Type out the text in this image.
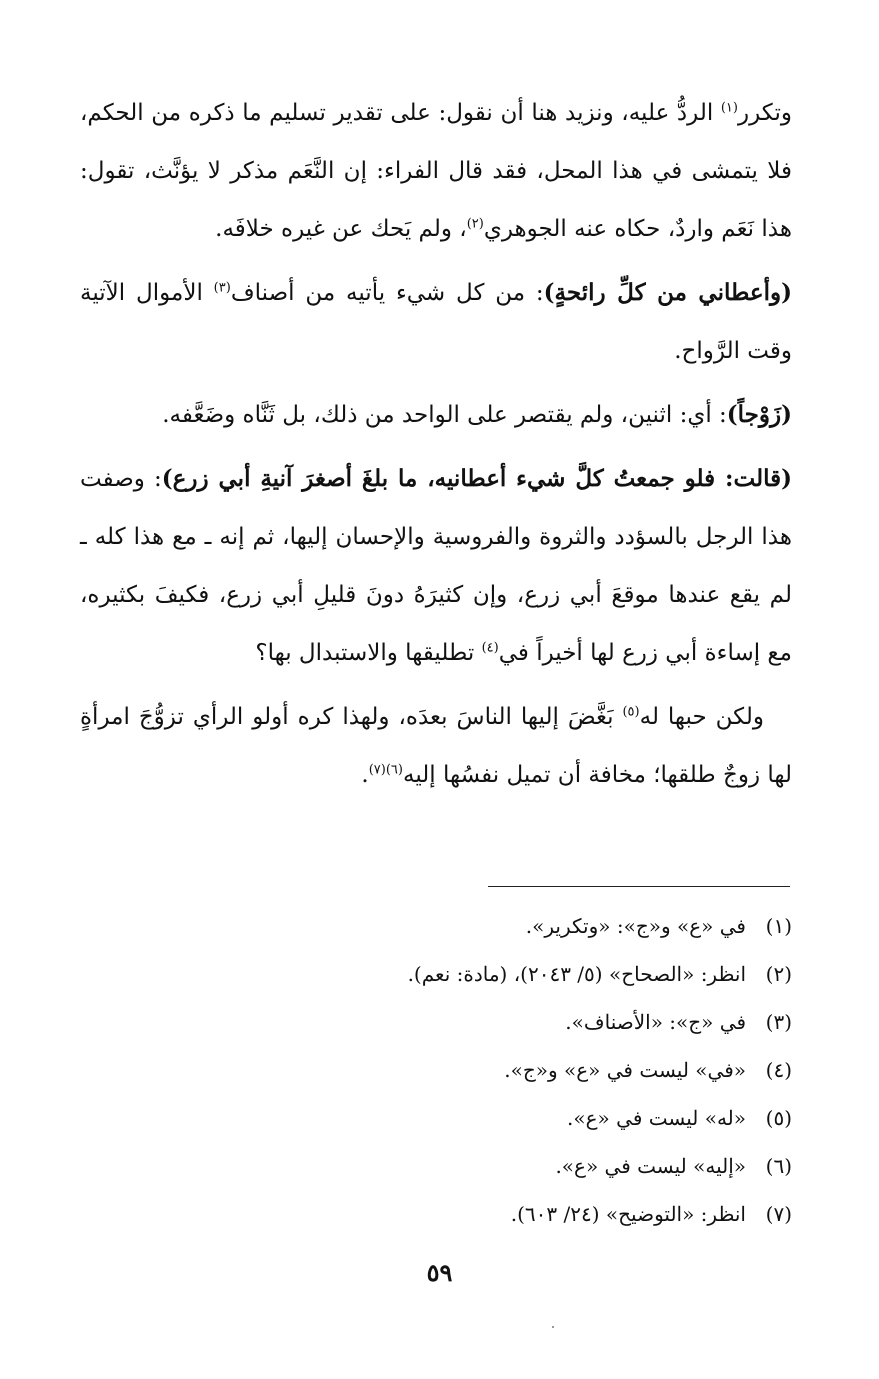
وتكرر$^{(١)}$ الردُّ عليه، ونزيد هنا أن نقول: على تقدير تسليم ما ذكره من الحكم، فلا يتمشى في هذا المحل، فقد قال الفراء: إن النَّعَم مذكر لا يؤنَّث، تقول: هذا نَعَم واردٌ، حكاه عنه الجوهري$^{(٢)}$، ولم يَحك عن غيره خلافَه.

(وأعطاني من كلِّ رائحةٍ): من كل شيء يأتيه من أصناف$^{(٣)}$ الأموال الآتية وقت الرَّواح.

(زَوْجاً): أي: اثنين، ولم يقتصر على الواحد من ذلك، بل ثَنَّاه وضَعَّفه.

(قالت: فلو جمعتُ كلَّ شيء أعطانيه، ما بلغَ أصغرَ آنيةِ أبي زرع): وصفت هذا الرجل بالسؤدد والثروة والفروسية والإحسان إليها، ثم إنه ـ مع هذا كله ـ لم يقع عندها موقعَ أبي زرع، وإن كثيرَهُ دونَ قليلِ أبي زرع، فكيفَ بكثيره، مع إساءة أبي زرع لها أخيراً في$^{(٤)}$ تطليقها والاستبدال بها؟

ولكن حبها له$^{(٥)}$ بَغَّضَ إليها الناسَ بعدَه، ولهذا كره أولو الرأي تزوُّجَ امرأةٍ لها زوجٌ طلقها؛ مخافة أن تميل نفسُها إليه$^{(٦)(٧)}$.

(١)
في «ع» و«ج»: «وتكرير».
(٢)
انظر: «الصحاح» (٥/ ٢٠٤٣)، (مادة: نعم).
(٣)
في «ج»: «الأصناف».
(٤)
«في» ليست في «ع» و«ج».
(٥)
«له» ليست في «ع».
(٦)
«إليه» ليست في «ع».
(٧)
انظر: «التوضيح» (٢٤/ ٦٠٣).
٥٩
